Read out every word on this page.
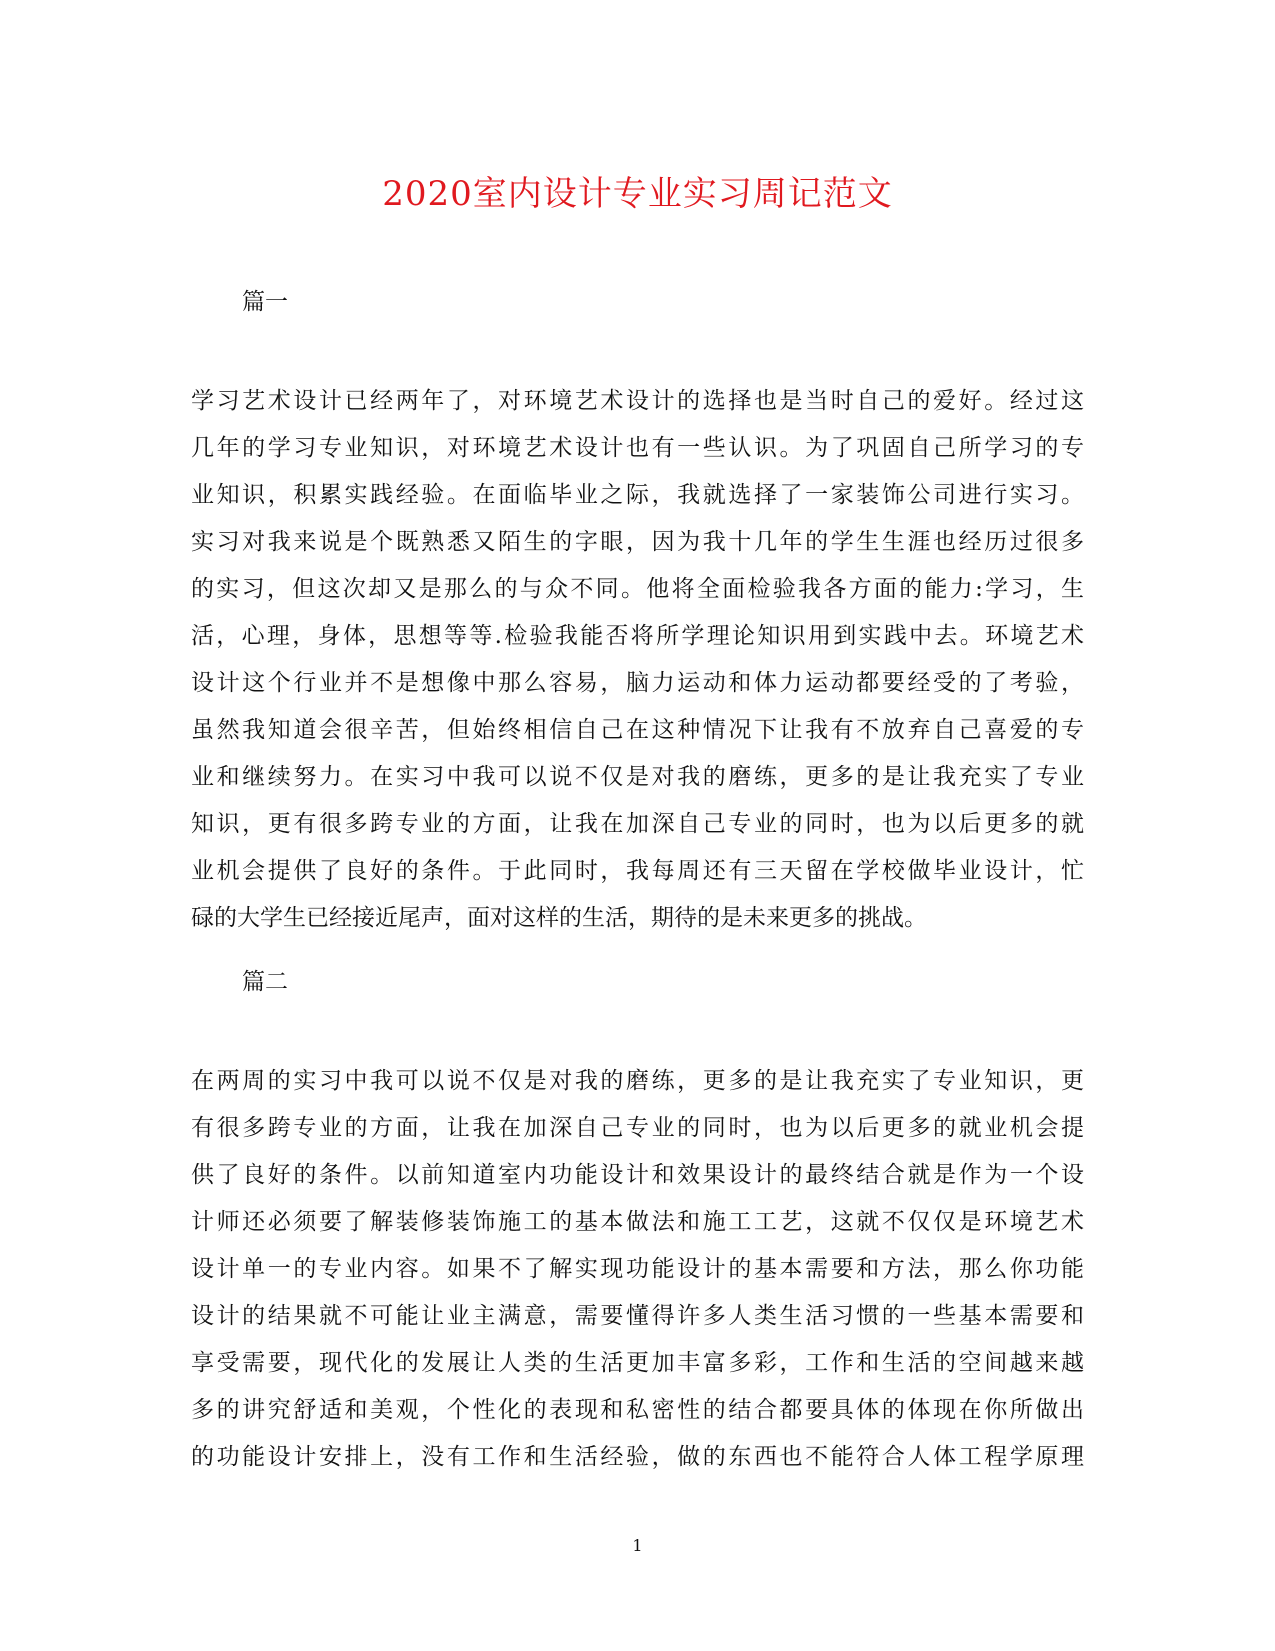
2020室内设计专业实习周记范文
篇一
学习艺术设计已经两年了，对环境艺术设计的选择也是当时自己的爱好。经过这
几年的学习专业知识，对环境艺术设计也有一些认识。为了巩固自己所学习的专
业知识，积累实践经验。在面临毕业之际，我就选择了一家装饰公司进行实习。
实习对我来说是个既熟悉又陌生的字眼，因为我十几年的学生生涯也经历过很多
的实习，但这次却又是那么的与众不同。他将全面检验我各方面的能力:学习，生
活，心理，身体，思想等等.检验我能否将所学理论知识用到实践中去。环境艺术
设计这个行业并不是想像中那么容易，脑力运动和体力运动都要经受的了考验，
虽然我知道会很辛苦，但始终相信自己在这种情况下让我有不放弃自己喜爱的专
业和继续努力。在实习中我可以说不仅是对我的磨练，更多的是让我充实了专业
知识，更有很多跨专业的方面，让我在加深自己专业的同时，也为以后更多的就
业机会提供了良好的条件。于此同时，我每周还有三天留在学校做毕业设计，忙
碌的大学生已经接近尾声，面对这样的生活，期待的是未来更多的挑战。
篇二
在两周的实习中我可以说不仅是对我的磨练，更多的是让我充实了专业知识，更
有很多跨专业的方面，让我在加深自己专业的同时，也为以后更多的就业机会提
供了良好的条件。以前知道室内功能设计和效果设计的最终结合就是作为一个设
计师还必须要了解装修装饰施工的基本做法和施工工艺，这就不仅仅是环境艺术
设计单一的专业内容。如果不了解实现功能设计的基本需要和方法，那么你功能
设计的结果就不可能让业主满意，需要懂得许多人类生活习惯的一些基本需要和
享受需要，现代化的发展让人类的生活更加丰富多彩，工作和生活的空间越来越
多的讲究舒适和美观，个性化的表现和私密性的结合都要具体的体现在你所做出
的功能设计安排上，没有工作和生活经验，做的东西也不能符合人体工程学原理
1
